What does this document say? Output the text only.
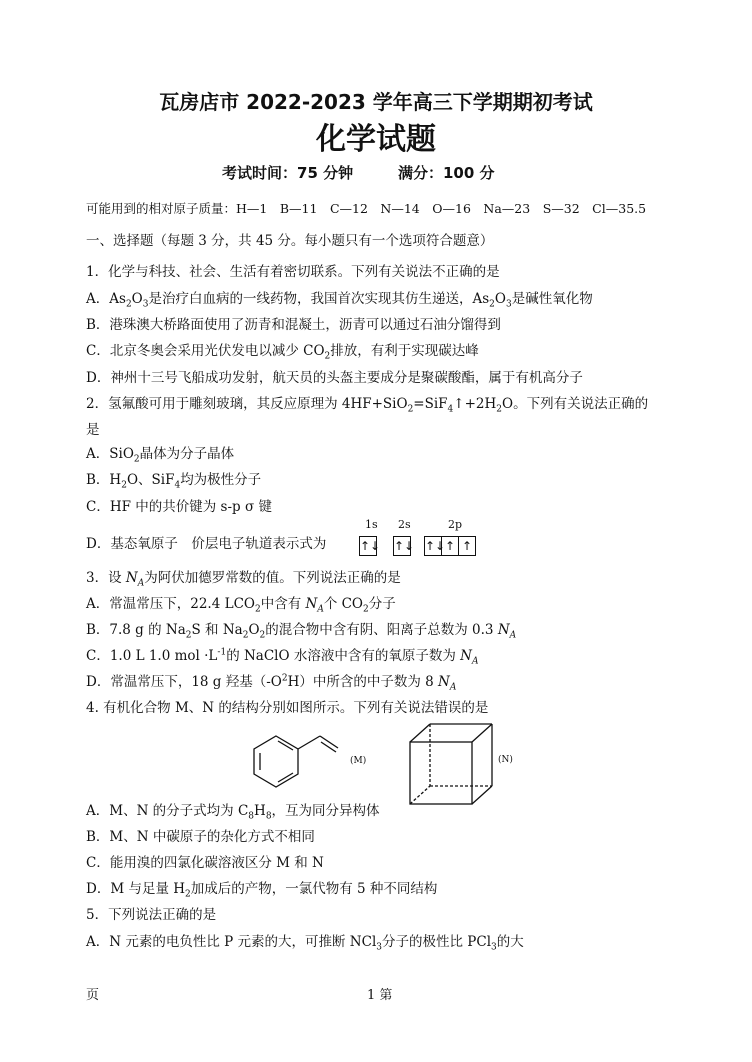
瓦房店市 2022-2023 学年高三下学期期初考试
化学试题
考试时间：75 分钟	满分：100 分
可能用到的相对原子质量：H—1　B—11　C—12　N—14　O—16　Na—23　S—32　Cl—35.5
一、选择题（每题 3 分，共 45 分。每小题只有一个选项符合题意）
1．化学与科技、社会、生活有着密切联系。下列有关说法不正确的是
A．$As_2O_3$是治疗白血病的一线药物，我国首次实现其仿生递送，$As_2O_3$是碱性氧化物
B．港珠澳大桥路面使用了沥青和混凝土，沥青可以通过石油分馏得到
C．北京冬奥会采用光伏发电以减少 $CO_2$排放，有利于实现碳达峰
D．神州十三号飞船成功发射，航天员的头盔主要成分是聚碳酸酯，属于有机高分子
2．氢氟酸可用于雕刻玻璃，其反应原理为 $4HF+SiO_2=SiF_4↑+2H_2O$。下列有关说法正确的
是
A．SiO$_2$晶体为分子晶体
B．$H_2O$、SiF$_4$均为极性分子
C．HF 中的共价键为 s-p σ 键
D．基态氧原子　价层电子轨道表示式为
1s 2s	2p
↑↓ ↑↓ ↑↓ ↑ ↑
3．设 $N_A$为阿伏加德罗常数的值。下列说法正确的是
A．常温常压下，22.4 $LCO_2$中含有 $N_A$个 $CO_2$分子
B．7.8 g 的 $Na_2S$ 和 $Na_2O_2$的混合物中含有阴、阳离子总数为 0.3 $N_A$
C．1.0 L 1.0 mol $\cdot L^{-1}$的 NaClO 水溶液中含有的氧原子数为 $N_A$
D．常温常压下，18 g 羟基$(-O^2H)$中所含的中子数为 8 $N_A$
4. 有机化合物 M、N 的结构分别如图所示。下列有关说法错误的是
(M)	(N)
A．M、N 的分子式均为 $C_8H_8$，互为同分异构体
B．M、N 中碳原子的杂化方式不相同
C．能用溴的四氯化碳溶液区分 M 和 N
D．M 与足量 $H_2$加成后的产物，一氯代物有 5 种不同结构
5．下列说法正确的是
A．N 元素的电负性比 P 元素的大，可推断 NCl$_3$分子的极性比 PCl$_3$的大
页	1 第
